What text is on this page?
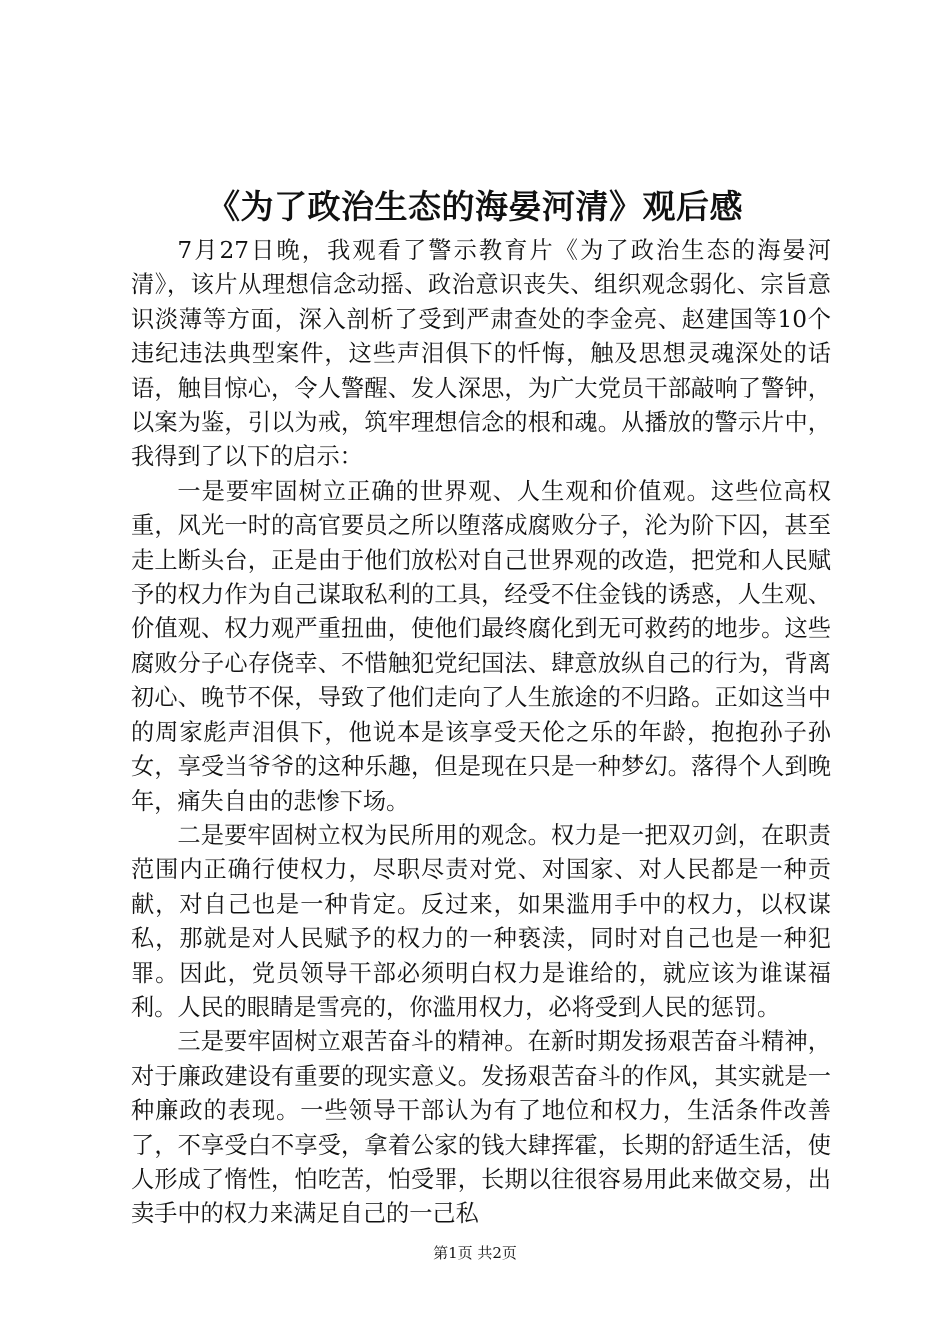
《为了政治生态的海晏河清》观后感

7月27日晚，我观看了警示教育片《为了政治生态的海晏河清》，该片从理想信念动摇、政治意识丧失、组织观念弱化、宗旨意识淡薄等方面，深入剖析了受到严肃查处的李金亮、赵建国等10个违纪违法典型案件，这些声泪俱下的忏悔，触及思想灵魂深处的话语，触目惊心，令人警醒、发人深思，为广大党员干部敲响了警钟，以案为鉴，引以为戒，筑牢理想信念的根和魂。从播放的警示片中，我得到了以下的启示：

一是要牢固树立正确的世界观、人生观和价值观。这些位高权重，风光一时的高官要员之所以堕落成腐败分子，沦为阶下囚，甚至走上断头台，正是由于他们放松对自己世界观的改造，把党和人民赋予的权力作为自己谋取私利的工具，经受不住金钱的诱惑，人生观、价值观、权力观严重扭曲，使他们最终腐化到无可救药的地步。这些腐败分子心存侥幸、不惜触犯党纪国法、肆意放纵自己的行为，背离初心、晚节不保，导致了他们走向了人生旅途的不归路。正如这当中的周家彪声泪俱下，他说本是该享受天伦之乐的年龄，抱抱孙子孙女，享受当爷爷的这种乐趣，但是现在只是一种梦幻。落得个人到晚年，痛失自由的悲惨下场。

二是要牢固树立权为民所用的观念。权力是一把双刃剑，在职责范围内正确行使权力，尽职尽责对党、对国家、对人民都是一种贡献，对自己也是一种肯定。反过来，如果滥用手中的权力，以权谋私，那就是对人民赋予的权力的一种亵渎，同时对自己也是一种犯罪。因此，党员领导干部必须明白权力是谁给的，就应该为谁谋福利。人民的眼睛是雪亮的，你滥用权力，必将受到人民的惩罚。

三是要牢固树立艰苦奋斗的精神。在新时期发扬艰苦奋斗精神，对于廉政建设有重要的现实意义。发扬艰苦奋斗的作风，其实就是一种廉政的表现。一些领导干部认为有了地位和权力，生活条件改善了，不享受白不享受，拿着公家的钱大肆挥霍，长期的舒适生活，使人形成了惰性，怕吃苦，怕受罪，长期以往很容易用此来做交易，出卖手中的权力来满足自己的一己私

第1页 共2页
